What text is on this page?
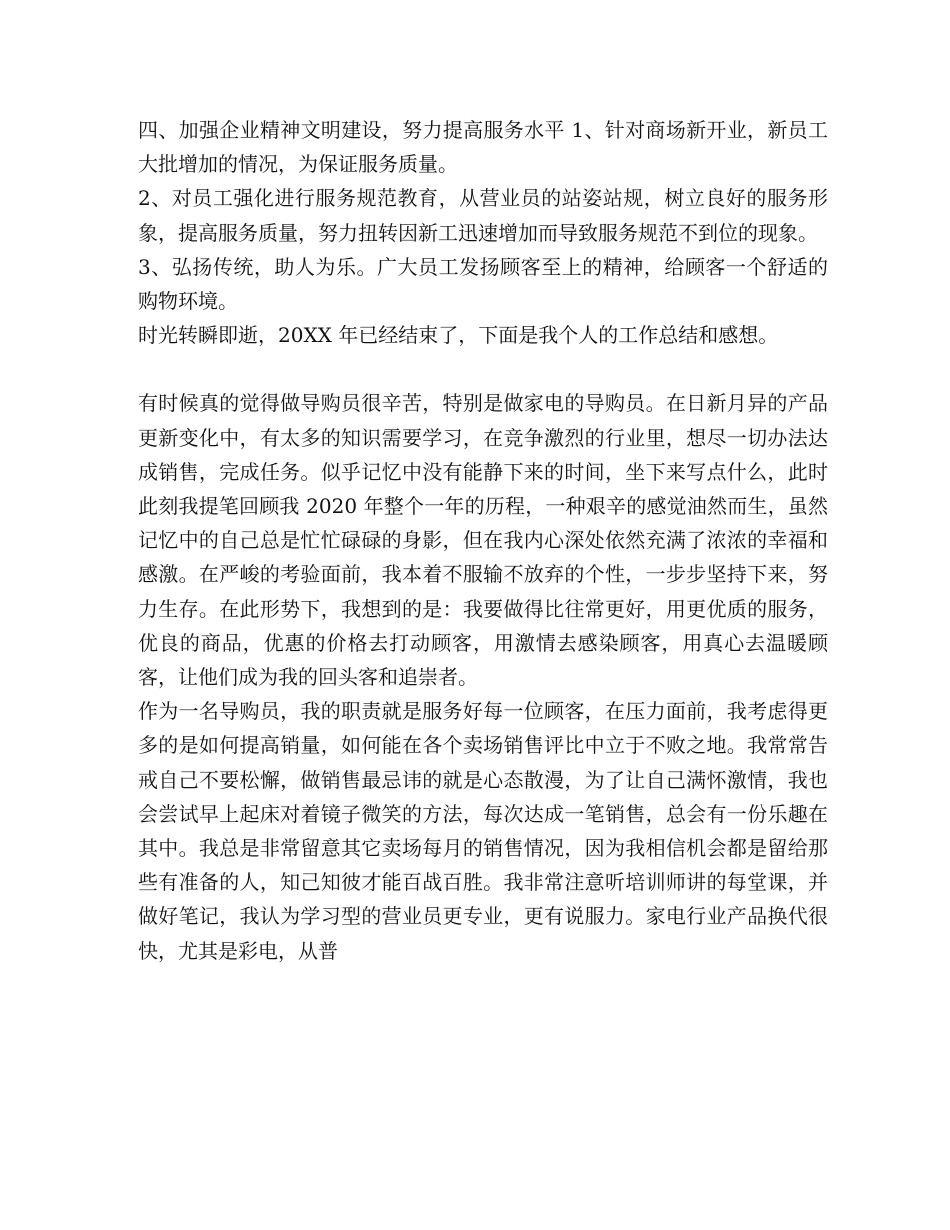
四、加强企业精神文明建设，努力提高服务水平 1、针对商场新开业，新员工大批增加的情况，为保证服务质量。

2、对员工强化进行服务规范教育，从营业员的站姿站规，树立良好的服务形象，提高服务质量，努力扭转因新工迅速增加而导致服务规范不到位的现象。

3、弘扬传统，助人为乐。广大员工发扬顾客至上的精神，给顾客一个舒适的购物环境。

时光转瞬即逝，20XX 年已经结束了，下面是我个人的工作总结和感想。

有时候真的觉得做导购员很辛苦，特别是做家电的导购员。在日新月异的产品更新变化中，有太多的知识需要学习，在竞争激烈的行业里，想尽一切办法达成销售，完成任务。似乎记忆中没有能静下来的时间，坐下来写点什么，此时此刻我提笔回顾我 2020 年整个一年的历程，一种艰辛的感觉油然而生，虽然记忆中的自己总是忙忙碌碌的身影，但在我内心深处依然充满了浓浓的幸福和感激。在严峻的考验面前，我本着不服输不放弃的个性，一步步坚持下来，努力生存。在此形势下，我想到的是：我要做得比往常更好，用更优质的服务，优良的商品，优惠的价格去打动顾客，用激情去感染顾客，用真心去温暖顾客，让他们成为我的回头客和追崇者。

作为一名导购员，我的职责就是服务好每一位顾客，在压力面前，我考虑得更多的是如何提高销量，如何能在各个卖场销售评比中立于不败之地。我常常告戒自己不要松懈，做销售最忌讳的就是心态散漫，为了让自己满怀激情，我也会尝试早上起床对着镜子微笑的方法，每次达成一笔销售，总会有一份乐趣在其中。我总是非常留意其它卖场每月的销售情况，因为我相信机会都是留给那些有准备的人，知己知彼才能百战百胜。我非常注意听培训师讲的每堂课，并做好笔记，我认为学习型的营业员更专业，更有说服力。家电行业产品换代很快，尤其是彩电，从普
